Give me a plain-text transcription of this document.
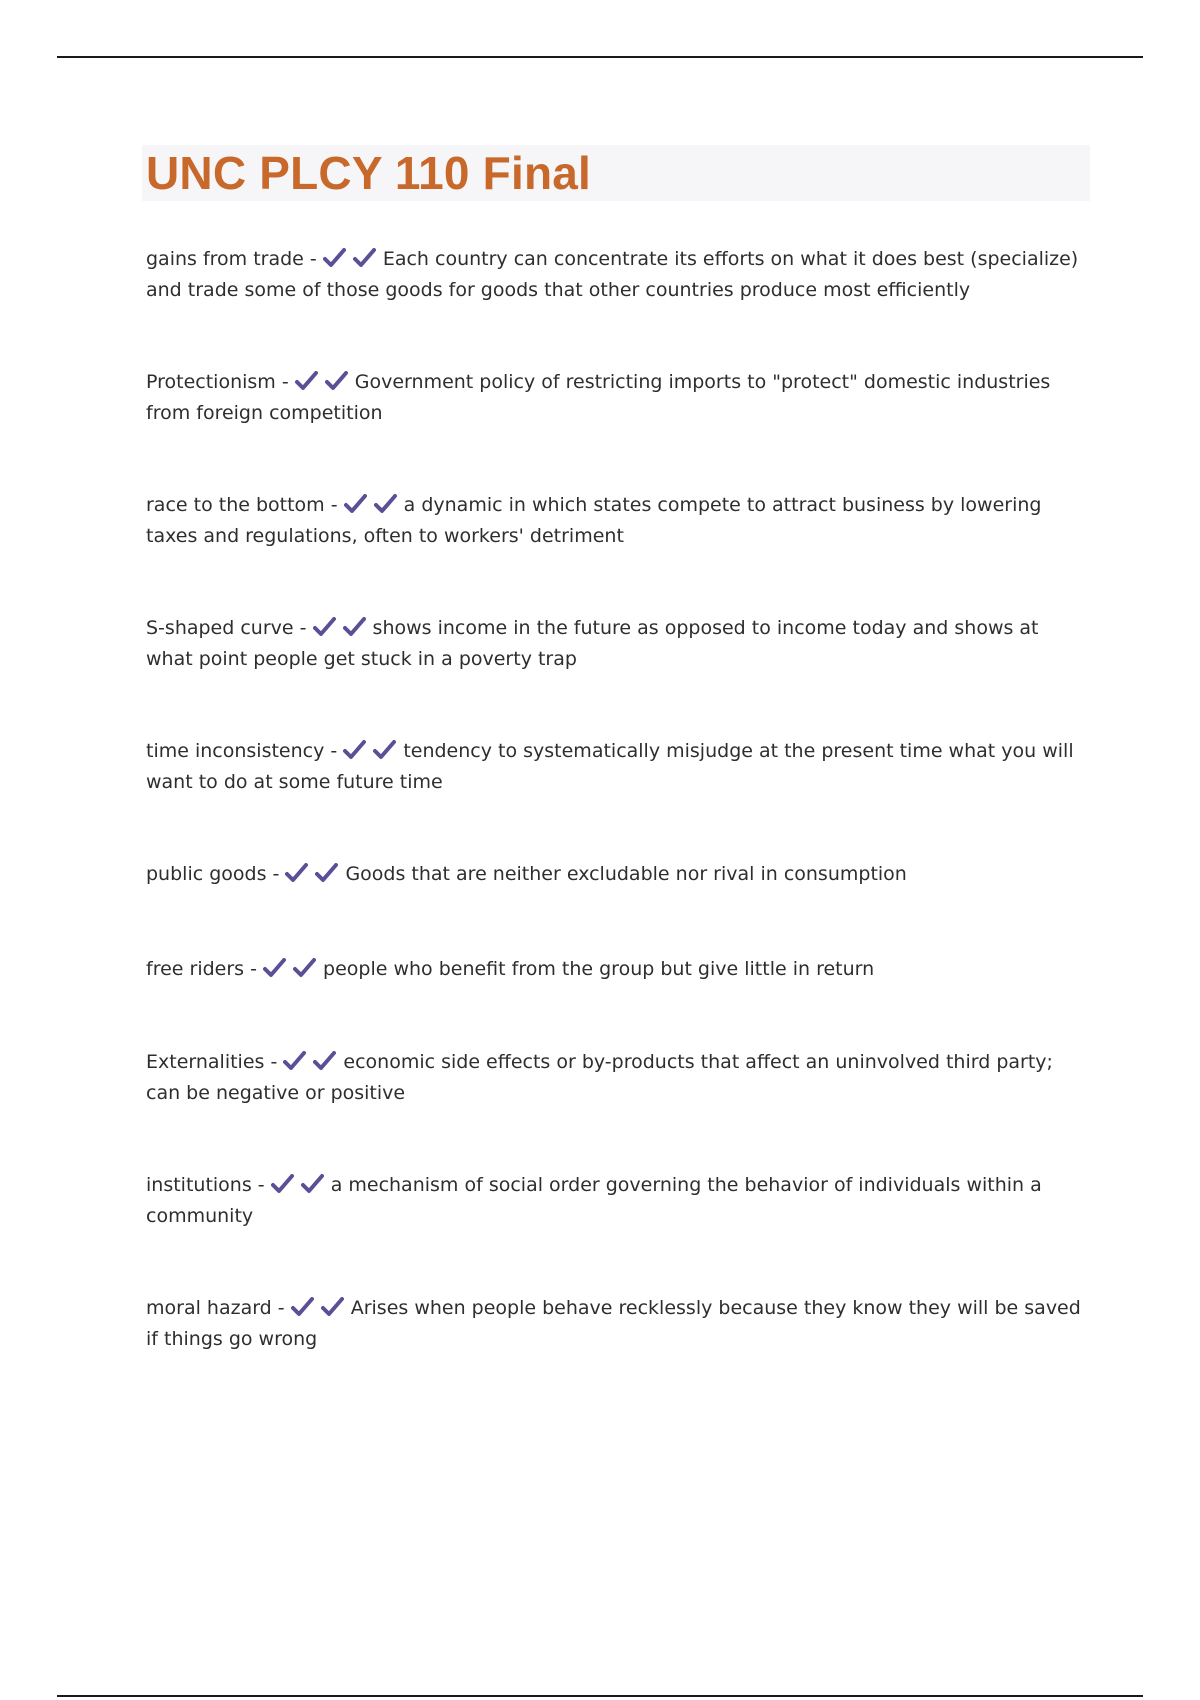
UNC PLCY 110 Final
gains from trade -	Each country can concentrate its efforts on what it does best (specialize) and trade some of those goods for goods that other countries produce most efficiently
Protectionism -	Government policy of restricting imports to "protect" domestic industries from foreign competition
race to the bottom -	a dynamic in which states compete to attract business by lowering taxes and regulations, often to workers' detriment
S-shaped curve -	shows income in the future as opposed to income today and shows at what point people get stuck in a poverty trap
time inconsistency -	tendency to systematically misjudge at the present time what you will want to do at some future time
public goods -	Goods that are neither excludable nor rival in consumption
free riders -	people who benefit from the group but give little in return
Externalities -	economic side effects or by-products that affect an uninvolved third party; can be negative or positive
institutions -	a mechanism of social order governing the behavior of individuals within a community
moral hazard -	Arises when people behave recklessly because they know they will be saved if things go wrong
